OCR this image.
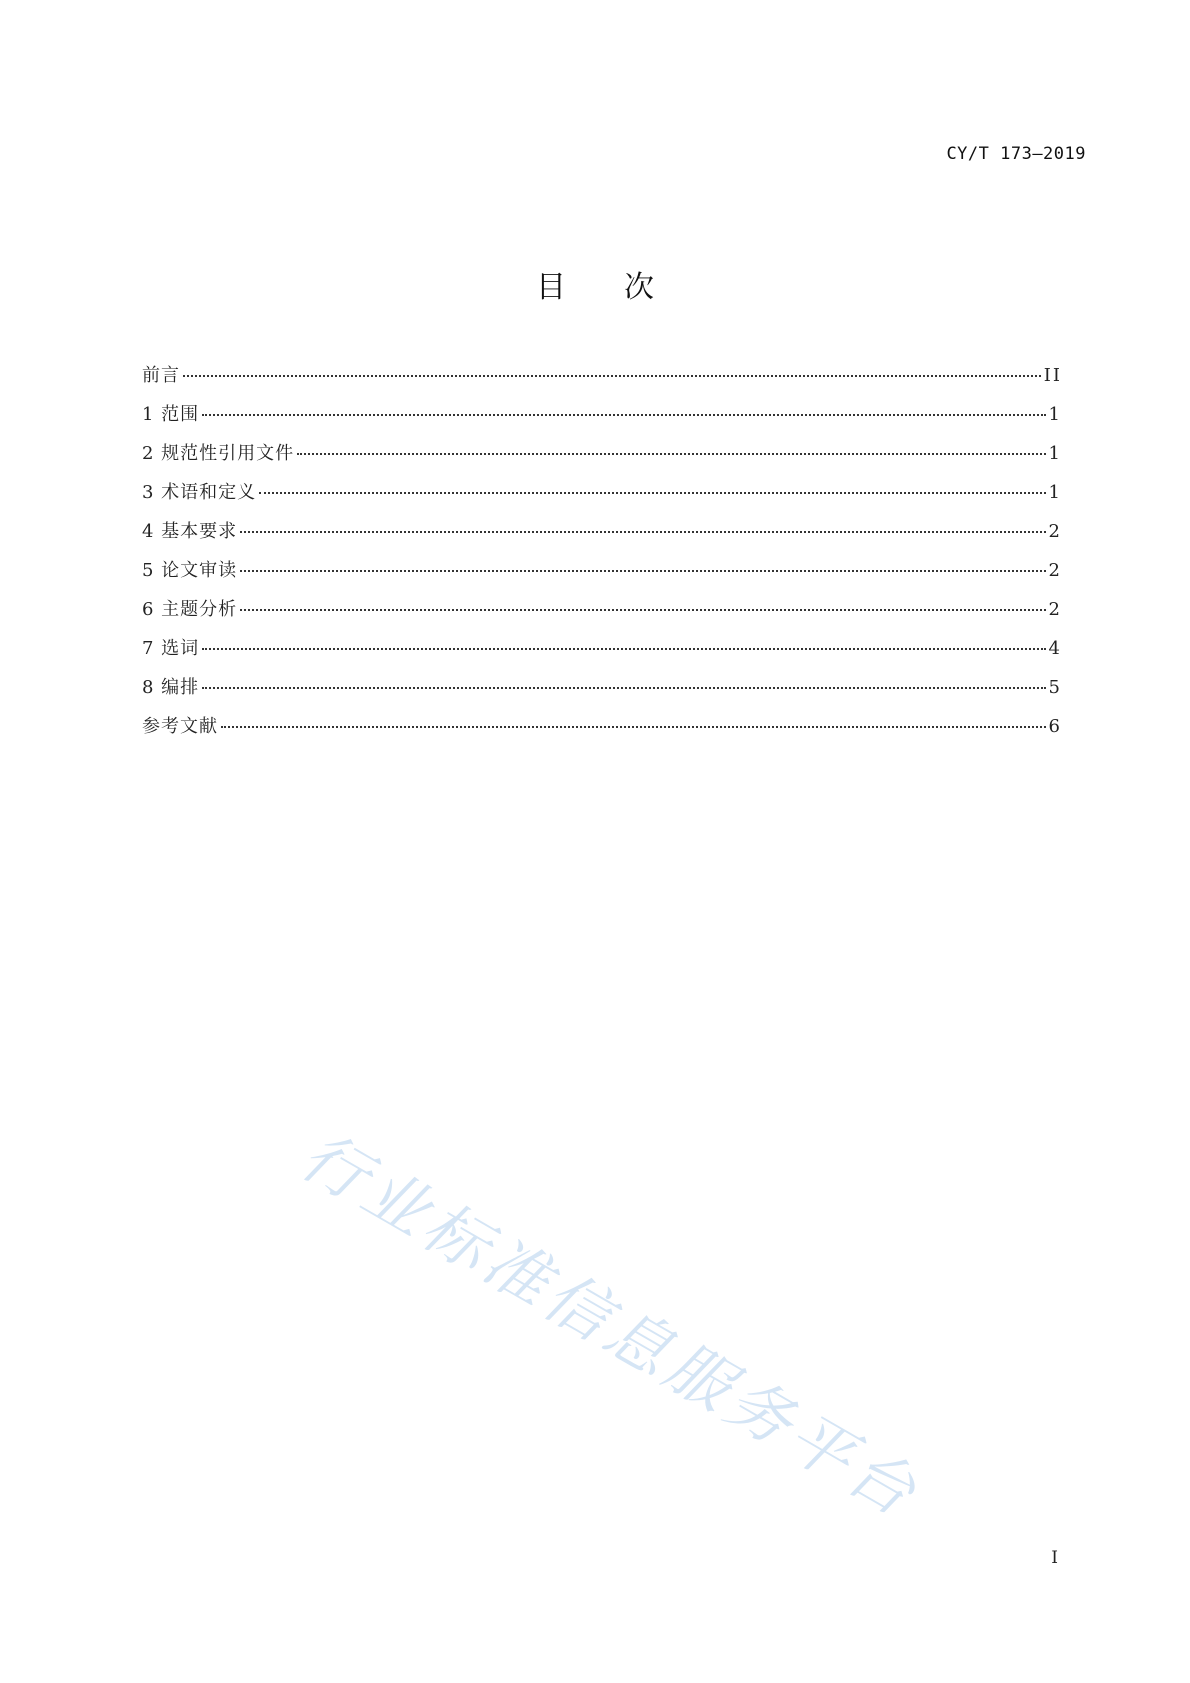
CY/T 173—2019
目次
前言	II
1 范围	1
2 规范性引用文件	1
3 术语和定义	1
4 基本要求	2
5 论文审读	2
6 主题分析	2
7 选词	4
8 编排	5
参考文献	6
行业标准信息服务平台
I
